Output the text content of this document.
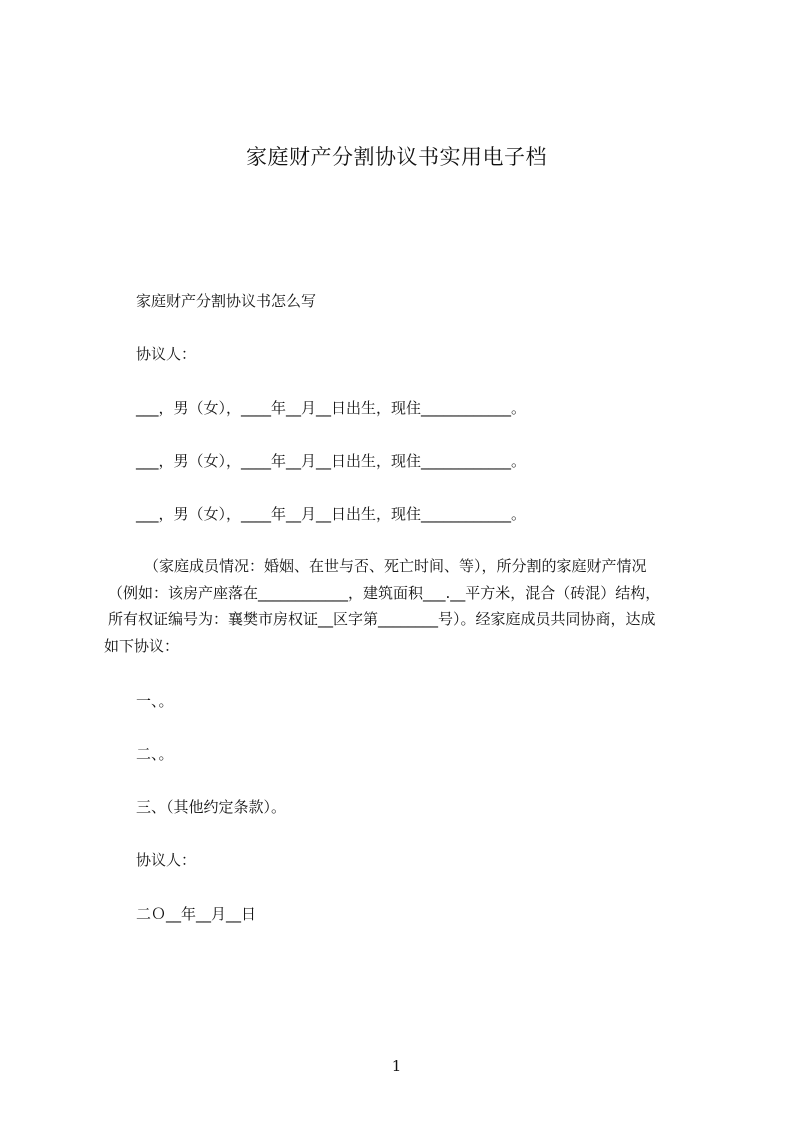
家庭财产分割协议书实用电子档
家庭财产分割协议书怎么写
协议人：
___，男（女），____年__月__日出生，现住____________。
___，男（女），____年__月__日出生，现住____________。
___，男（女），____年__月__日出生，现住____________。
（家庭成员情况：婚姻、在世与否、死亡时间、等），所分割的家庭财产情况
（例如：该房产座落在____________，建筑面积___.__平方米，混合（砖混）结构，
所有权证编号为：襄樊市房权证__区字第________号）。经家庭成员共同协商，达成
如下协议：
一、。
二、。
三、（其他约定条款）。
协议人：
二Ｏ__年__月__日
1
